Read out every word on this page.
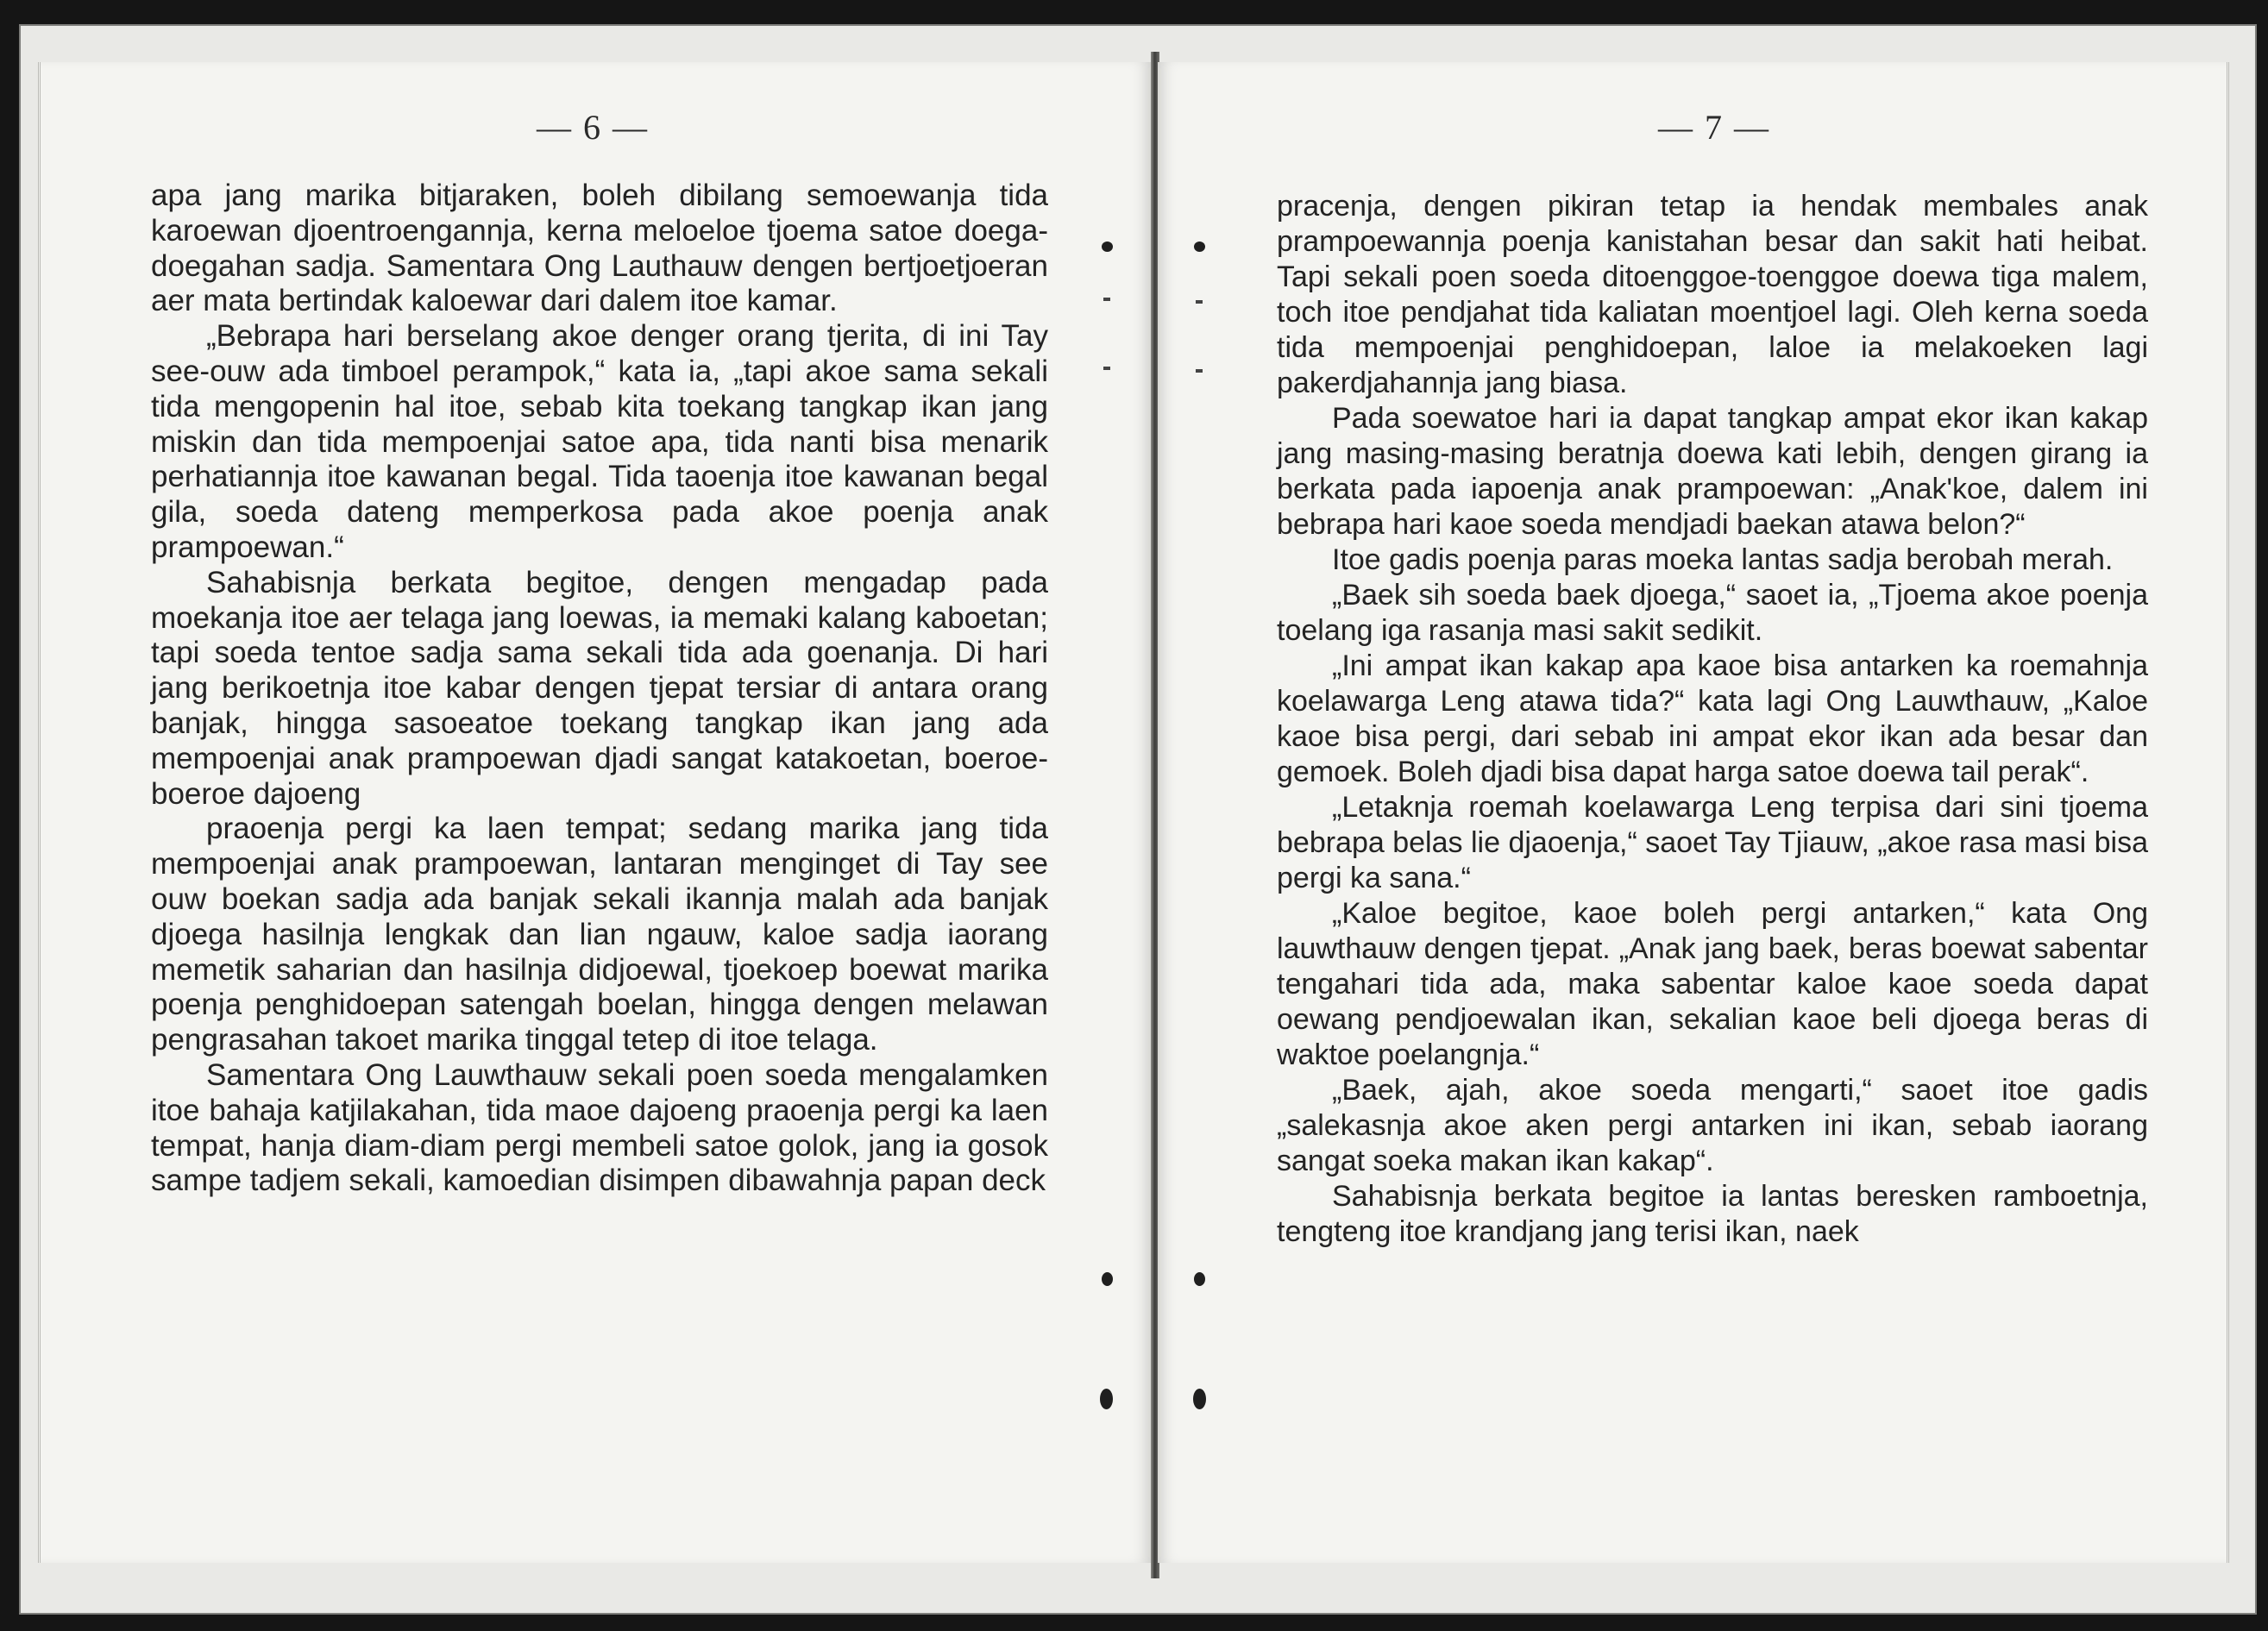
— 6 —

apa jang marika bitjaraken, boleh dibilang semoewanja tida karoewan djoentroengannja, kerna meloeloe tjoema satoe doega-doegahan sadja. Samentara Ong Lauthauw dengen bertjoetjoeran aer mata bertindak kaloewar dari dalem itoe kamar.

„Bebrapa hari berselang akoe denger orang tjerita, di ini Tay see-ouw ada timboel perampok,“ kata ia, „tapi akoe sama sekali tida mengopenin hal itoe, sebab kita toekang tangkap ikan jang miskin dan tida mempoenjai satoe apa, tida nanti bisa menarik perhatiannja itoe kawanan begal. Tida taoenja itoe kawanan begal gila, soeda dateng memperkosa pada akoe poenja anak prampoewan.“

Sahabisnja berkata begitoe, dengen mengadap pada moekanja itoe aer telaga jang loewas, ia memaki kalang kaboetan; tapi soeda tentoe sadja sama sekali tida ada goenanja. Di hari jang berikoetnja itoe kabar dengen tjepat tersiar di antara orang banjak, hingga sasoeatoe toekang tangkap ikan jang ada mempoenjai anak prampoewan djadi sangat katakoetan, boeroe-boeroe dajoeng

praoenja pergi ka laen tempat; sedang marika jang tida mempoenjai anak prampoewan, lantaran menginget di Tay see ouw boekan sadja ada banjak sekali ikannja malah ada banjak djoega hasilnja lengkak dan lian ngauw, kaloe sadja iaorang memetik saharian dan hasilnja didjoewal, tjoekoep boewat marika poenja penghidoepan satengah boelan, hingga dengen melawan pengrasahan takoet marika tinggal tetep di itoe telaga.

Samentara Ong Lauwthauw sekali poen soeda mengalamken itoe bahaja katjilakahan, tida maoe dajoeng praoenja pergi ka laen tempat, hanja diam-diam pergi membeli satoe golok, jang ia gosok sampe tadjem sekali, kamoedian disimpen dibawahnja papan deck

— 7 —

pracenja, dengen pikiran tetap ia hendak membales anak prampoewannja poenja kanistahan besar dan sakit hati heibat. Tapi sekali poen soeda ditoenggoe-toenggoe doewa tiga malem, toch itoe pendjahat tida kaliatan moentjoel lagi. Oleh kerna soeda tida mempoenjai penghidoepan, laloe ia melakoeken lagi pakerdjahannja jang biasa.

Pada soewatoe hari ia dapat tangkap ampat ekor ikan kakap jang masing-masing beratnja doewa kati lebih, dengen girang ia berkata pada iapoenja anak prampoewan: „Anak'koe, dalem ini bebrapa hari kaoe soeda mendjadi baekan atawa belon?“

Itoe gadis poenja paras moeka lantas sadja berobah merah.

„Baek sih soeda baek djoega,“ saoet ia, „Tjoema akoe poenja toelang iga rasanja masi sakit sedikit.

„Ini ampat ikan kakap apa kaoe bisa antarken ka roemahnja koelawarga Leng atawa tida?“ kata lagi Ong Lauwthauw, „Kaloe kaoe bisa pergi, dari sebab ini ampat ekor ikan ada besar dan gemoek. Boleh djadi bisa dapat harga satoe doewa tail perak“.

„Letaknja roemah koelawarga Leng terpisa dari sini tjoema bebrapa belas lie djaoenja,“ saoet Tay Tjiauw, „akoe rasa masi bisa pergi ka sana.“

„Kaloe begitoe, kaoe boleh pergi antarken,“ kata Ong lauwthauw dengen tjepat. „Anak jang baek, beras boewat sabentar tengahari tida ada, maka sabentar kaloe kaoe soeda dapat oewang pendjoewalan ikan, sekalian kaoe beli djoega beras di waktoe poelangnja.“

„Baek, ajah, akoe soeda mengarti,“ saoet itoe gadis „salekasnja akoe aken pergi antarken ini ikan, sebab iaorang sangat soeka makan ikan kakap“.

Sahabisnja berkata begitoe ia lantas beresken ramboetnja, tengteng itoe krandjang jang terisi ikan, naek
